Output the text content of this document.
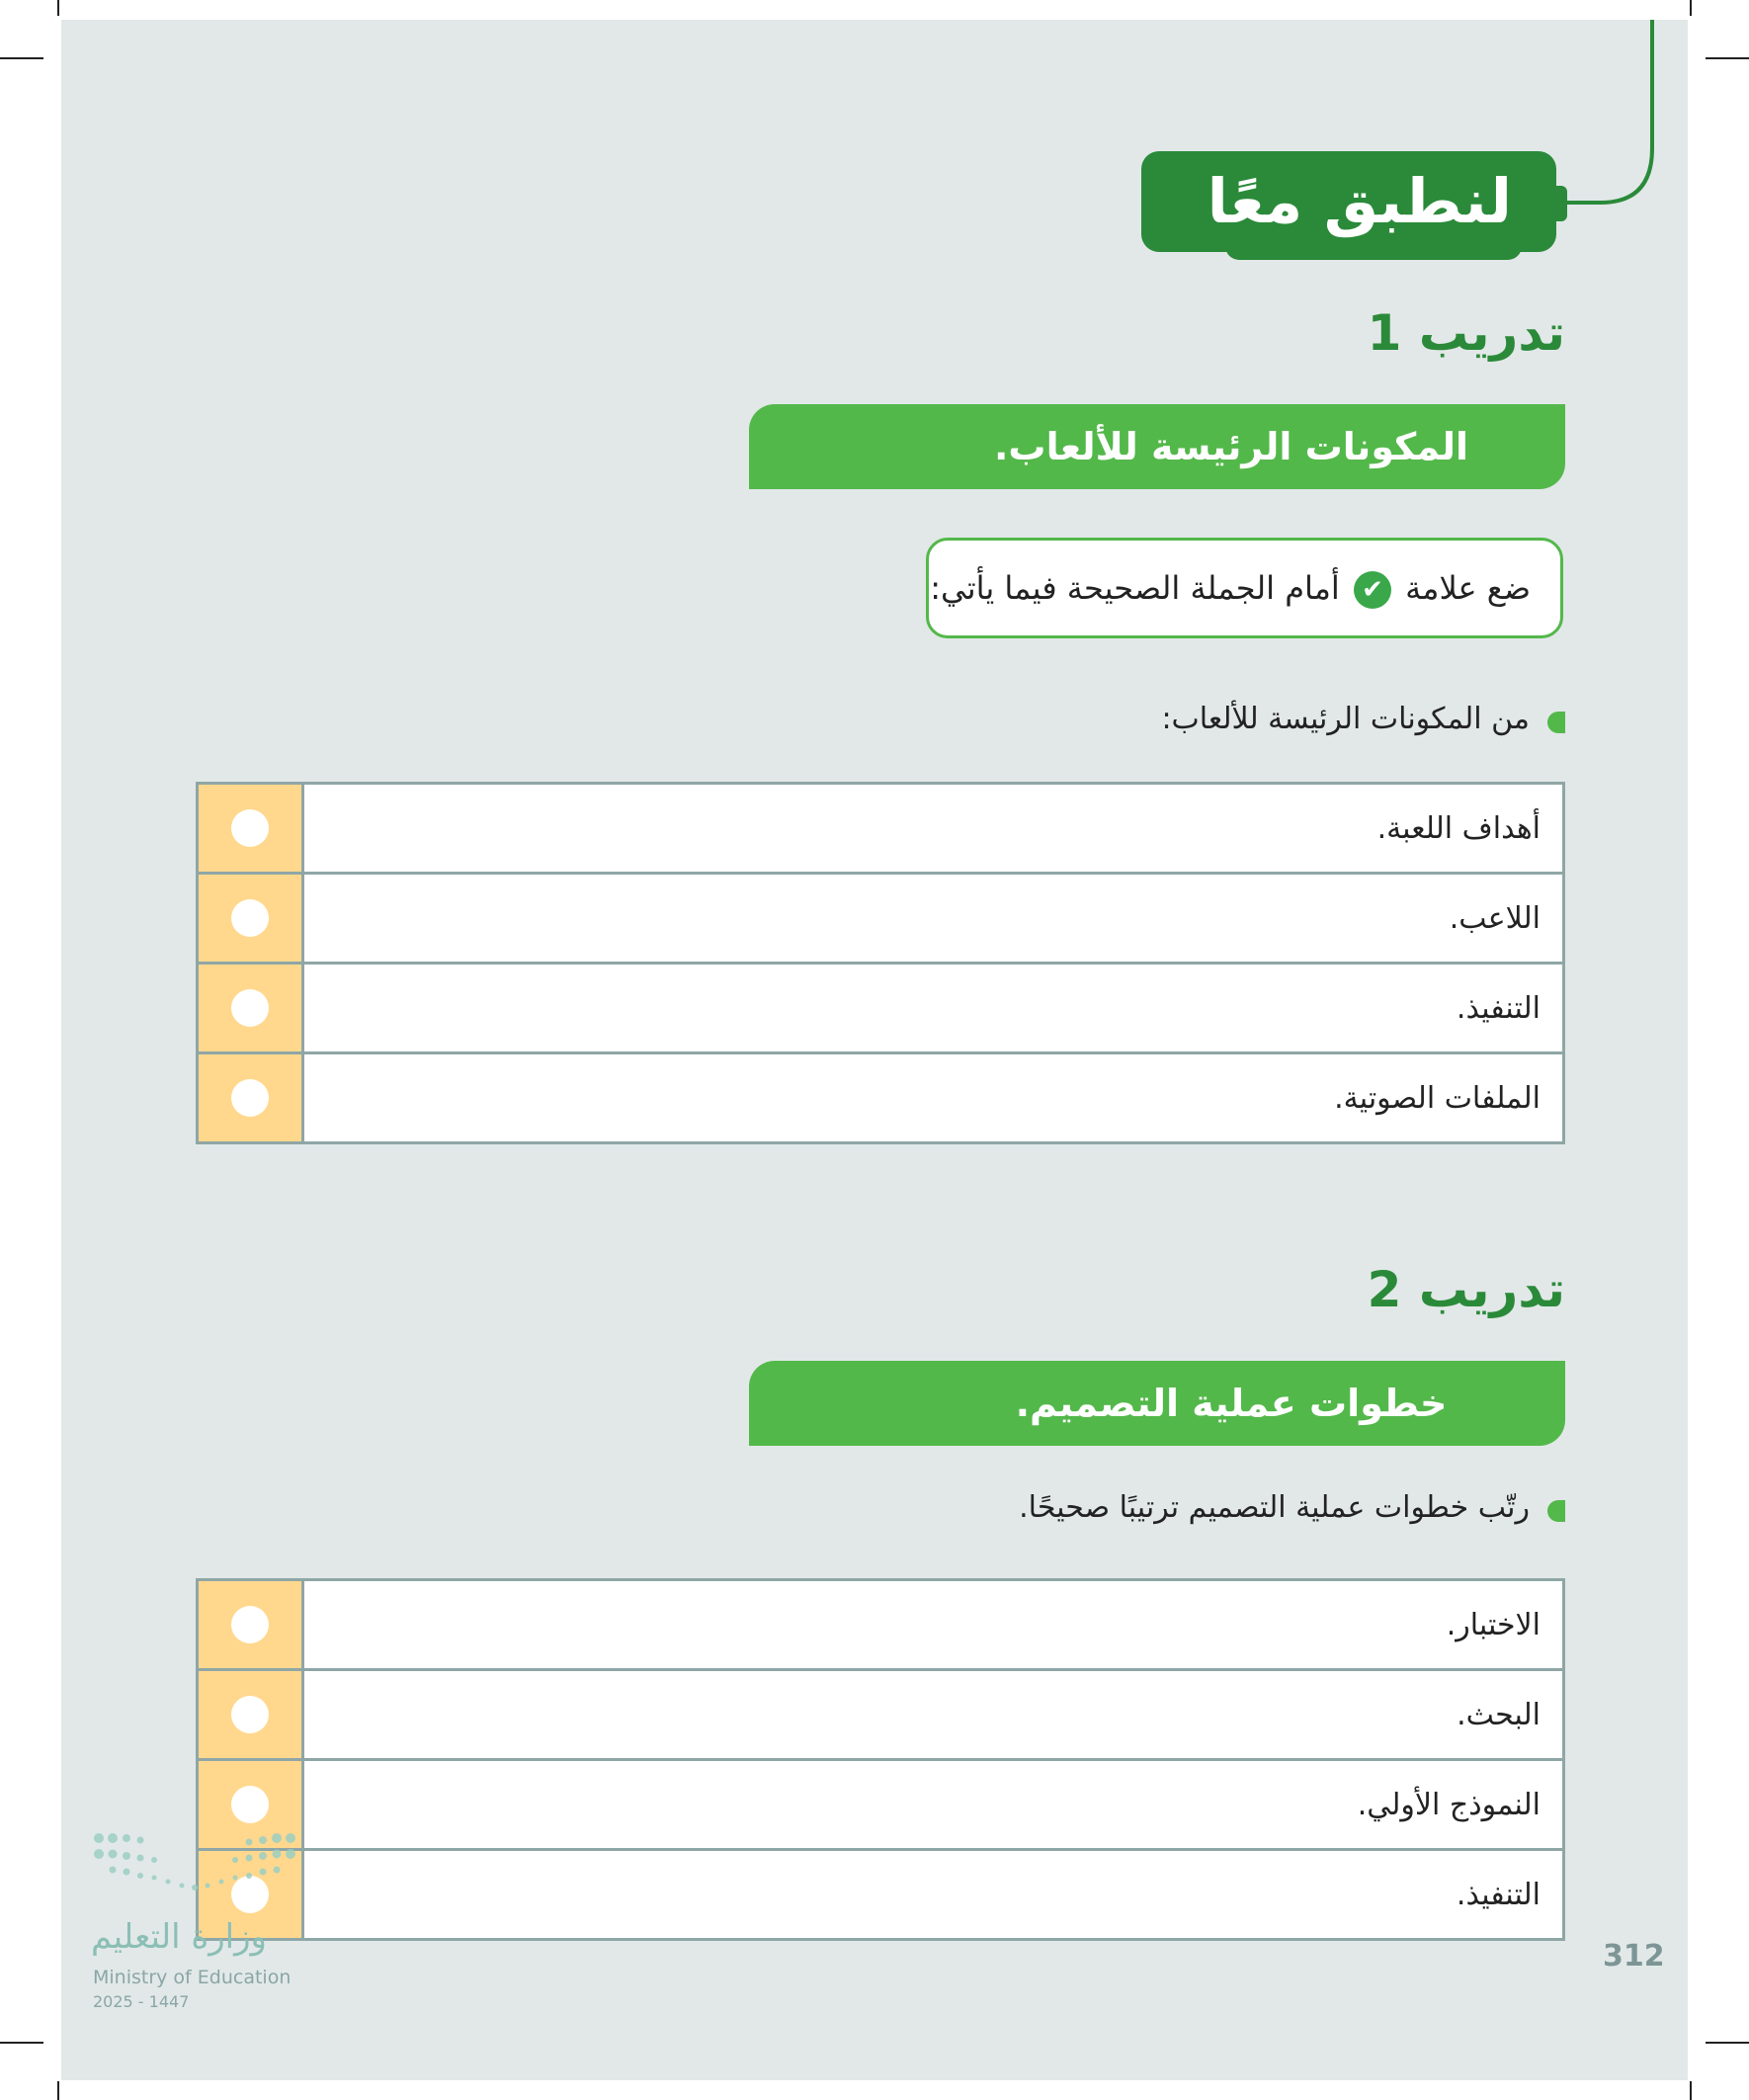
لنطبق معًا
تدريب 1
المكونات الرئيسة للألعاب.
ضع علامة ✔ أمام الجملة الصحيحة فيما يأتي:
من المكونات الرئيسة للألعاب:
	أهداف اللعبة.
	اللاعب.
	التنفيذ.
	الملفات الصوتية.
تدريب 2
خطوات عملية التصميم.
رتّب خطوات عملية التصميم ترتيبًا صحيحًا.
	الاختبار.
	البحث.
	النموذج الأولي.
	التنفيذ.
وزارة التعليم
Ministry of Education
2025 - 1447
312
